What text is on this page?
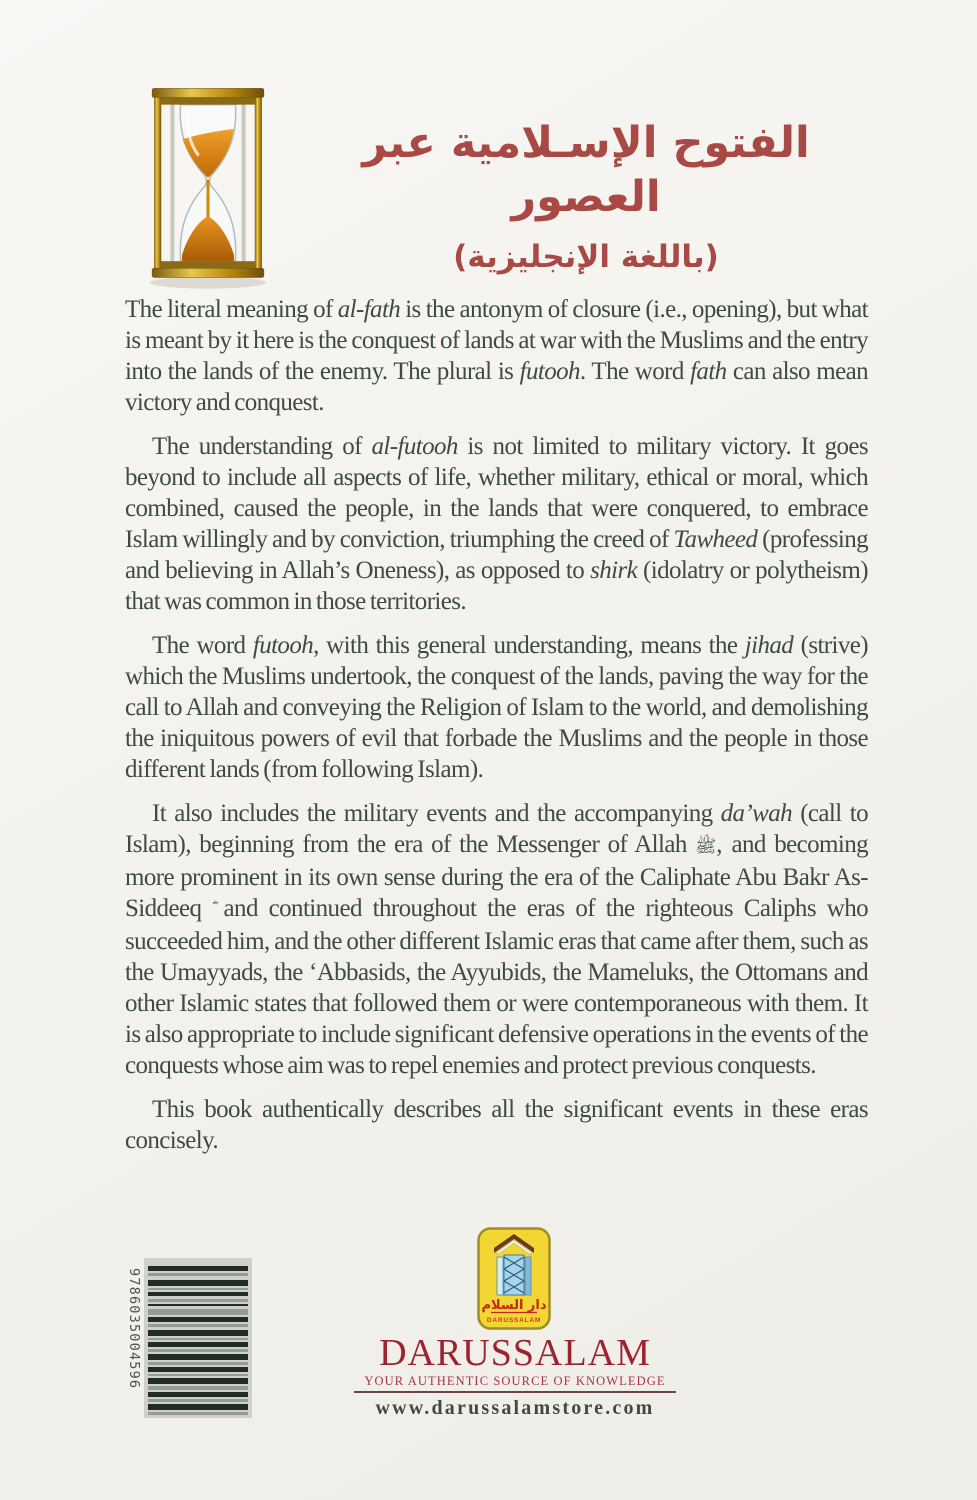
الفتوح الإسـلامية عبر العصور
(باللغة الإنجليزية)

The literal meaning of al-fath is the antonym of closure (i.e., opening), but what is meant by it here is the conquest of lands at war with the Muslims and the entry into the lands of the enemy. The plural is futooh. The word fath can also mean victory and conquest.

The understanding of al-futooh is not limited to military victory. It goes beyond to include all aspects of life, whether military, ethical or moral, which combined, caused the people, in the lands that were conquered, to embrace Islam willingly and by conviction, triumphing the creed of Tawheed (professing and believing in Allah’s Oneness), as opposed to shirk (idolatry or polytheism) that was common in those territories.

The word futooh, with this general understanding, means the jihad (strive) which the Muslims undertook, the conquest of the lands, paving the way for the call to Allah and conveying the Religion of Islam to the world, and demolishing the iniquitous powers of evil that forbade the Muslims and the people in those different lands (from following Islam).

It also includes the military events and the accompanying da’wah (call to Islam), beginning from the era of the Messenger of Allah ﷺ, and becoming more prominent in its own sense during the era of the Caliphate Abu Bakr As-Siddeeq and continued throughout the eras of the righteous Caliphs who succeeded him, and the other different Islamic eras that came after them, such as the Umayyads, the ‘Abbasids, the Ayyubids, the Mameluks, the Ottomans and other Islamic states that followed them or were contemporaneous with them. It is also appropriate to include significant defensive operations in the events of the conquests whose aim was to repel enemies and protect previous conquests.

This book authentically describes all the significant events in these eras concisely.

9786035004596	دار السلام
DARUSSALAM
DARUSSALAM
YOUR AUTHENTIC SOURCE OF KNOWLEDGE
www.darussalamstore.com
